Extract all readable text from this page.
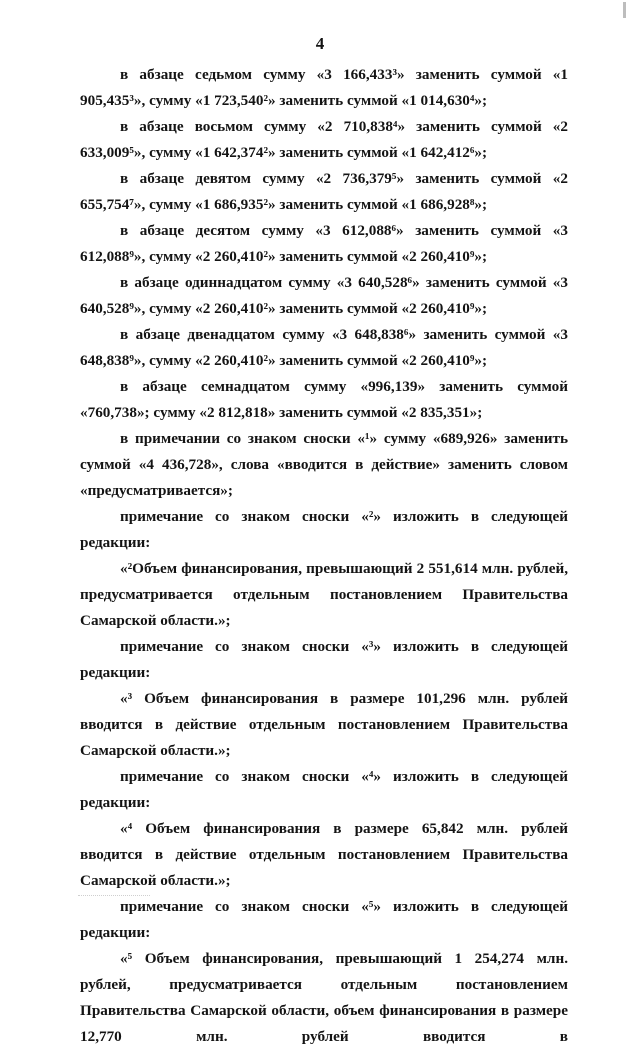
4

в абзаце седьмом сумму «3 166,433³» заменить суммой «1 905,435³», сумму «1 723,540²» заменить суммой «1 014,630⁴»;

в абзаце восьмом сумму «2 710,838⁴» заменить суммой «2 633,009⁵», сумму «1 642,374²» заменить суммой «1 642,412⁶»;

в абзаце девятом сумму «2 736,379⁵» заменить суммой «2 655,754⁷», сумму «1 686,935²» заменить суммой «1 686,928⁸»;

в абзаце десятом сумму «3 612,088⁶» заменить суммой «3 612,088⁹», сумму «2 260,410²» заменить суммой «2 260,410⁹»;

в абзаце одиннадцатом сумму «3 640,528⁶» заменить суммой «3 640,528⁹», сумму «2 260,410²» заменить суммой «2 260,410⁹»;

в абзаце двенадцатом сумму «3 648,838⁶» заменить суммой «3 648,838⁹», сумму «2 260,410²» заменить суммой «2 260,410⁹»;

в абзаце семнадцатом сумму «996,139» заменить суммой «760,738»; сумму «2 812,818» заменить суммой «2 835,351»;

в примечании со знаком сноски «¹» сумму «689,926» заменить суммой «4 436,728», слова «вводится в действие» заменить словом «предусматривается»;

примечание со знаком сноски «²» изложить в следующей редакции:

«²Объем финансирования, превышающий 2 551,614 млн. рублей, предусматривается отдельным постановлением Правительства Самарской области.»;

примечание со знаком сноски «³» изложить в следующей редакции:

«³ Объем финансирования в размере 101,296 млн. рублей вводится в действие отдельным постановлением Правительства Самарской области.»;

примечание со знаком сноски «⁴» изложить в следующей редакции:

«⁴ Объем финансирования в размере 65,842 млн. рублей вводится в действие отдельным постановлением Правительства Самарской области.»;

примечание со знаком сноски «⁵» изложить в следующей редакции:

«⁵ Объем финансирования, превышающий 1 254,274 млн. рублей, предусматривается отдельным постановлением Правительства Самарской области, объем финансирования в размере 12,770 млн. рублей вводится в
